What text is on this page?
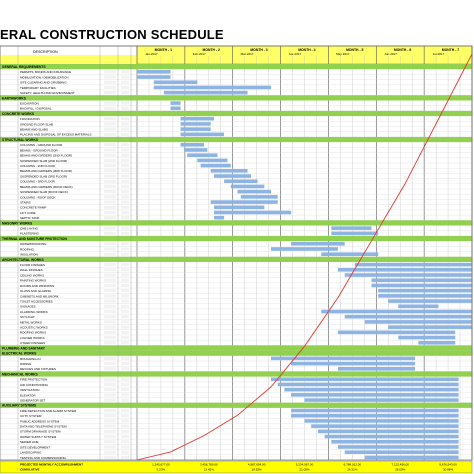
ERAL CONSTRUCTION SCHEDULE
DESCRIPTION	MONTH - 1
Jan-2017
MONTH - 2
Feb-2017
MONTH - 3
Mar-2017
MONTH - 4
Apr-2017
MONTH - 5
May-2017
MONTH - 6
Jun-2017
MONTH - 7
Jul-2017
GENERAL REQUIREMENTS
PERMITS, BONDS AND INSURANCE
MOBILIZATION / DEMOBILIZATION
SITE CLEARING AND GRUBBING
TEMPORARY FACILITIES
SAFETY, HEALTH AND ENVIRONMENT
EARTHWORKS
EXCAVATION
BACKFILL / DISPOSAL
CONCRETE WORKS
FOUNDATION
GROUND FLOOR SLAB
BEAMS AND SLABS
PLACING AND DISPOSAL OF EXCESS MATERIALS
STRUCTURAL WORKS
COLUMNS - GROUND FLOOR
BEAMS - GROUND FLOOR
BEAMS AND GIRDERS (2ND FLOOR)
SUSPENDED SLAB (2ND FLOOR)
COLUMNS - 2ND FLOOR
BEAMS AND GIRDERS (3RD FLOOR)
SUSPENDED SLAB (3RD FLOOR)
COLUMNS - 3RD FLOOR
BEAMS AND GIRDERS (ROOF DECK)
SUSPENDED SLAB (ROOF DECK)
COLUMNS - ROOF DECK
STAIRS
CONCRETE RAMP
LIFT CORE
SEPTIC TANK
MASONRY WORKS
CHB LAYING
PLASTERING
THERMAL AND MOISTURE PROTECTION
WATERPROOFING
ROOFING
INSULATION
ARCHITECTURAL WORKS
FLOOR FINISHES
WALL FINISHES
CEILING WORKS
PAINTING WORKS
DOORS AND WINDOWS
GLASS AND GLAZING
CABINETS AND MILLWORK
TOILET ACCESSORIES
SIGNAGES
CLADDING WORKS
SKYLIGHT
METAL WORKS
ACOUSTIC WORKS
ROOFING WORKS
LOUVER WORKS
OTHER FINISHES
PLUMBING AND SANITARY
ELECTRICAL WORKS
ROUGHING-IN
WIRING
DEVICES AND FIXTURES
MECHANICAL WORKS
FIRE PROTECTION
AIR CONDITIONING
VENTILATION
ELEVATOR
GENERATOR SET
AUXILIARY SYSTEMS
FIRE DETECTION AND ALARM SYSTEM
CCTV SYSTEM
PUBLIC ADDRESS SYSTEM
DATA AND TELEPHONE SYSTEM
STORM DRAINAGE SYSTEM
WATER SUPPLY SYSTEM
SEWER LINE
SITE DEVELOPMENT
LANDSCAPING
TESTING AND COMMISSIONING
PROJECTED MONTHLY ACCOMPLISHMENT
CUMULATIVE
1,245,677.00
5.23%
3,456,789.00
13.45%
4,987,654.00
18.92%
5,234,567.00
21.05%
6,789,012.00
26.31%
7,123,456.00
28.00%
9,876,543.00
30.88%
